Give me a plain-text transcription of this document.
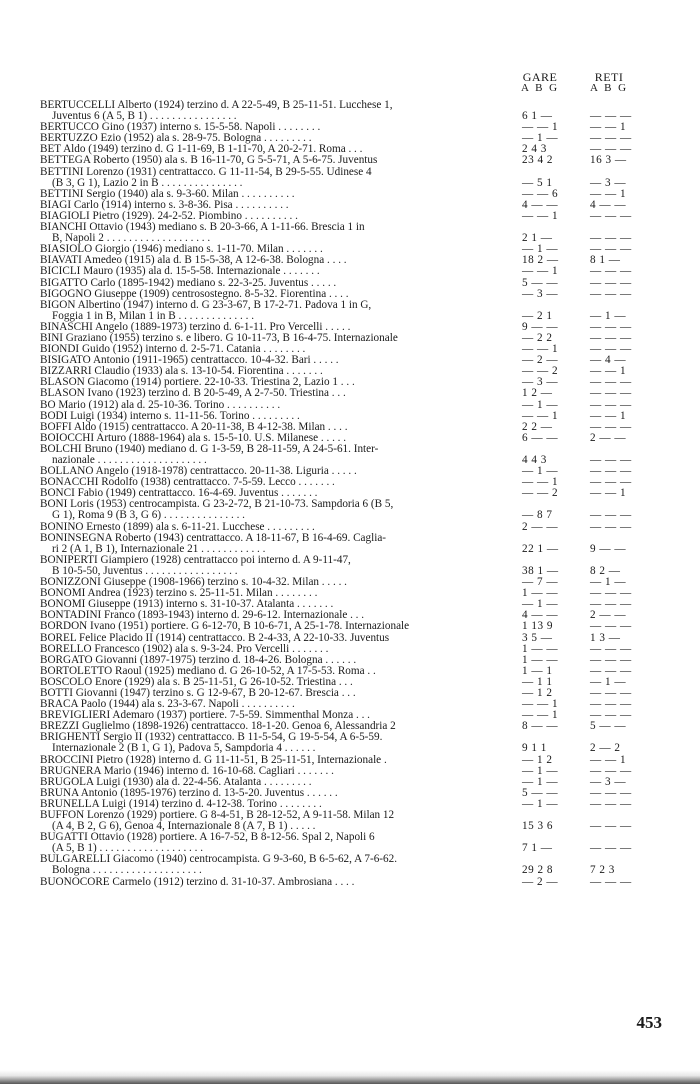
GARE
A B G
RETI
A B G
BERTUCCELLI Alberto (1924) terzino d. A 22-5-49, B 25-11-51. Lucchese 1,
Juventus 6 (A 5, B 1) . . . . . . . . . . . . . . . .	6 1 —	— — —
BERTUCCO Gino (1937) interno s. 15-5-58. Napoli . . . . . . . .	— — 1	— — 1
BERTUZZO Ezio (1952) ala s. 28-9-75. Bologna . . . . . . . . .	— 1 —	— — —
BET Aldo (1949) terzino d. G 1-11-69, B 1-11-70, A 20-2-71. Roma . . .	2 4 3	— — —
BETTEGA Roberto (1950) ala s. B 16-11-70, G 5-5-71, A 5-6-75. Juventus	23 4 2	16 3 —
BETTINI Lorenzo (1931) centrattacco. G 11-11-54, B 29-5-55. Udinese 4
(B 3, G 1), Lazio 2 in B . . . . . . . . . . . . . . .	— 5 1	— 3 —
BETTINI Sergio (1940) ala s. 9-3-60. Milan . . . . . . . . . .	— — 6	— — 1
BIAGI Carlo (1914) interno s. 3-8-36. Pisa . . . . . . . . . .	4 — —	4 — —
BIAGIOLI Pietro (1929). 24-2-52. Piombino . . . . . . . . . .	— — 1	— — —
BIANCHI Ottavio (1943) mediano s. B 20-3-66, A 1-11-66. Brescia 1 in
B, Napoli 2 . . . . . . . . . . . . . . . . . . .	2 1 —	— — —
BIASIOLO Giorgio (1946) mediano s. 1-11-70. Milan . . . . . . .	— 1 —	— — —
BIAVATI Amedeo (1915) ala d. B 15-5-38, A 12-6-38. Bologna . . . .	18 2 —	8 1 —
BICICLI Mauro (1935) ala d. 15-5-58. Internazionale . . . . . . .	— — 1	— — —
BIGATTO Carlo (1895-1942) mediano s. 22-3-25. Juventus . . . . .	5 — —	— — —
BIGOGNO Giuseppe (1909) centrosostegno. 8-5-32. Fiorentina . . . .	— 3 —	— — —
BIGON Albertino (1947) interno d. G 23-3-67, B 17-2-71. Padova 1 in G,
Foggia 1 in B, Milan 1 in B . . . . . . . . . . . . . .	— 2 1	— 1 —
BINASCHI Angelo (1889-1973) terzino d. 6-1-11. Pro Vercelli . . . . .	9 — —	— — —
BINI Graziano (1955) terzino s. e libero. G 10-11-73, B 16-4-75. Internazionale	— 2 2	— — —
BIONDI Guido (1952) interno d. 2-5-71. Catania . . . . . . . .	— — 1	— — —
BISIGATO Antonio (1911-1965) centrattacco. 10-4-32. Bari . . . . .	— 2 —	— 4 —
BIZZARRI Claudio (1933) ala s. 13-10-54. Fiorentina . . . . . . .	— — 2	— — 1
BLASON Giacomo (1914) portiere. 22-10-33. Triestina 2, Lazio 1 . . .	— 3 —	— — —
BLASON Ivano (1923) terzino d. B 20-5-49, A 2-7-50. Triestina . . .	1 2 —	— — —
BO Mario (1912) ala d. 25-10-36. Torino . . . . . . . . . .	— 1 —	— — —
BODI Luigi (1934) interno s. 11-11-56. Torino . . . . . . . . .	— — 1	— — 1
BOFFI Aldo (1915) centrattacco. A 20-11-38, B 4-12-38. Milan . . . .	2 2 —	— — —
BOIOCCHI Arturo (1888-1964) ala s. 15-5-10. U.S. Milanese . . . . .	6 — —	2 — —
BOLCHI Bruno (1940) mediano d. G 1-3-59, B 28-11-59, A 24-5-61. Inter-
nazionale . . . . . . . . . . . . . . . . . . . .	4 4 3	— — —
BOLLANO Angelo (1918-1978) centrattacco. 20-11-38. Liguria . . . . .	— 1 —	— — —
BONACCHI Rodolfo (1938) centrattacco. 7-5-59. Lecco . . . . . . .	— — 1	— — —
BONCI Fabio (1949) centrattacco. 16-4-69. Juventus . . . . . . .	— — 2	— — 1
BONI Loris (1953) centrocampista. G 23-2-72, B 21-10-73. Sampdoria 6 (B 5,
G 1), Roma 9 (B 3, G 6) . . . . . . . . . . . . . . .	— 8 7	— — —
BONINO Ernesto (1899) ala s. 6-11-21. Lucchese . . . . . . . . .	2 — —	— — —
BONINSEGNA Roberto (1943) centrattacco. A 18-11-67, B 16-4-69. Caglia-
ri 2 (A 1, B 1), Internazionale 21 . . . . . . . . . . . .	22 1 —	9 — —
BONIPERTI Giampiero (1928) centrattacco poi interno d. A 9-11-47,
B 10-5-50, Juventus . . . . . . . . . . . . . . . . .	38 1 —	8 2 —
BONIZZONI Giuseppe (1908-1966) terzino s. 10-4-32. Milan . . . . .	— 7 —	— 1 —
BONOMI Andrea (1923) terzino s. 25-11-51. Milan . . . . . . . .	1 — —	— — —
BONOMI Giuseppe (1913) interno s. 31-10-37. Atalanta . . . . . . .	— 1 —	— — —
BONTADINI Franco (1893-1943) interno d. 29-6-12. Internazionale . . .	4 — —	2 — —
BORDON Ivano (1951) portiere. G 6-12-70, B 10-6-71, A 25-1-78. Internazionale	1 13 9	— — —
BOREL Felice Placido II (1914) centrattacco. B 2-4-33, A 22-10-33. Juventus	3 5 —	1 3 —
BORELLO Francesco (1902) ala s. 9-3-24. Pro Vercelli . . . . . . .	1 — —	— — —
BORGATO Giovanni (1897-1975) terzino d. 18-4-26. Bologna . . . . . .	1 — —	— — —
BORTOLETTO Raoul (1925) mediano d. G 26-10-52, A 17-5-53. Roma . .	1 — 1	— — —
BOSCOLO Enore (1929) ala s. B 25-11-51, G 26-10-52. Triestina . . .	— 1 1	— 1 —
BOTTI Giovanni (1947) terzino s. G 12-9-67, B 20-12-67. Brescia . . .	— 1 2	— — —
BRACA Paolo (1944) ala s. 23-3-67. Napoli . . . . . . . . . .	— — 1	— — —
BREVIGLIERI Ademaro (1937) portiere. 7-5-59. Simmenthal Monza . . .	— — 1	— — —
BREZZI Guglielmo (1898-1926) centrattacco. 18-1-20. Genoa 6, Alessandria 2	8 — —	5 — —
BRIGHENTI Sergio II (1932) centrattacco. B 11-5-54, G 19-5-54, A 6-5-59.
Internazionale 2 (B 1, G 1), Padova 5, Sampdoria 4 . . . . . .	9 1 1	2 — 2
BROCCINI Pietro (1928) interno d. G 11-11-51, B 25-11-51, Internazionale .	— 1 2	— — 1
BRUGNERA Mario (1946) interno d. 16-10-68. Cagliari . . . . . . .	— 1 —	— — —
BRUGOLA Luigi (1930) ala d. 22-4-56. Atalanta . . . . . . . . .	— 1 —	— 3 —
BRUNA Antonio (1895-1976) terzino d. 13-5-20. Juventus . . . . . .	5 — —	— — —
BRUNELLA Luigi (1914) terzino d. 4-12-38. Torino . . . . . . . .	— 1 —	— — —
BUFFON Lorenzo (1929) portiere. G 8-4-51, B 28-12-52, A 9-11-58. Milan 12
(A 4, B 2, G 6), Genoa 4, Internazionale 8 (A 7, B 1) . . . . .	15 3 6	— — —
BUGATTI Ottavio (1928) portiere. A 16-7-52, B 8-12-56. Spal 2, Napoli 6
(A 5, B 1) . . . . . . . . . . . . . . . . . . .	7 1 —	— — —
BULGARELLI Giacomo (1940) centrocampista. G 9-3-60, B 6-5-62, A 7-6-62.
Bologna . . . . . . . . . . . . . . . . . . . .	29 2 8	7 2 3
BUONOCORE Carmelo (1912) terzino d. 31-10-37. Ambrosiana . . . .	— 2 —	— — —
453
